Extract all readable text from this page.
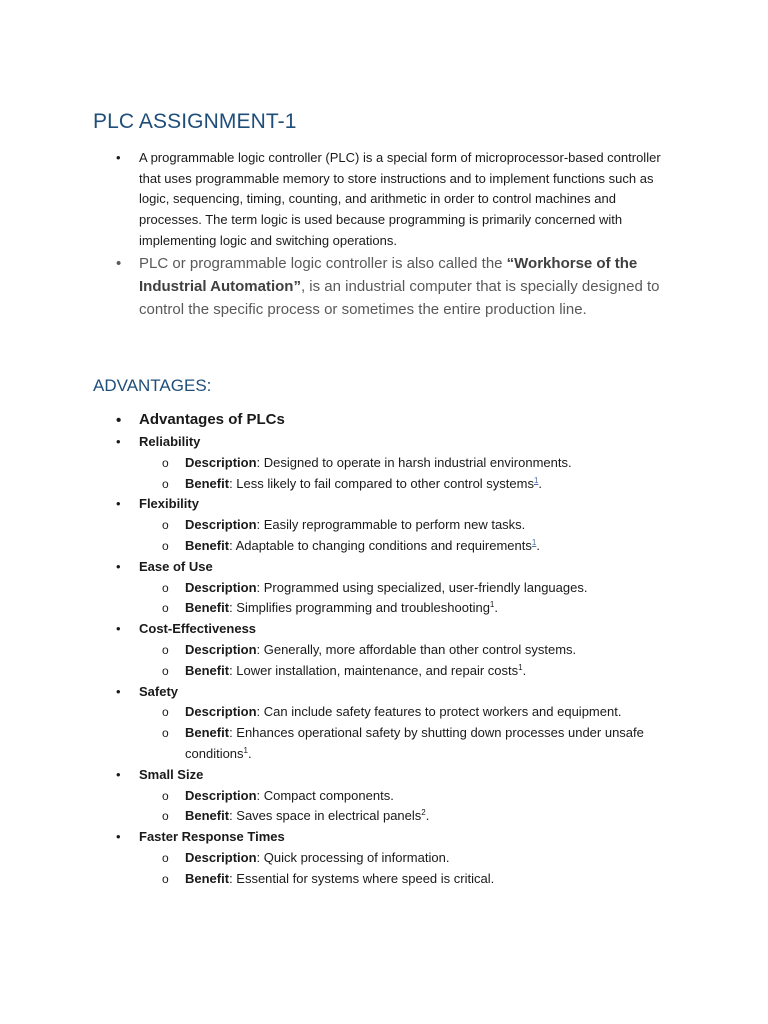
PLC ASSIGNMENT-1
• A programmable logic controller (PLC) is a special form of microprocessor-based controller that uses programmable memory to store instructions and to implement functions such as logic, sequencing, timing, counting, and arithmetic in order to control machines and processes. The term logic is used because programming is primarily concerned with implementing logic and switching operations.
• PLC or programmable logic controller is also called the “Workhorse of the Industrial Automation”, is an industrial computer that is specially designed to control the specific process or sometimes the entire production line.
ADVANTAGES:
• Advantages of PLCs
• Reliability
o Description: Designed to operate in harsh industrial environments.
o Benefit: Less likely to fail compared to other control systems$^1$.
• Flexibility
o Description: Easily reprogrammable to perform new tasks.
o Benefit: Adaptable to changing conditions and requirements$^1$.
• Ease of Use
o Description: Programmed using specialized, user-friendly languages.
o Benefit: Simplifies programming and troubleshooting$^1$.
• Cost-Effectiveness
o Description: Generally, more affordable than other control systems.
o Benefit: Lower installation, maintenance, and repair costs$^1$.
• Safety
o Description: Can include safety features to protect workers and equipment.
o Benefit: Enhances operational safety by shutting down processes under unsafe conditions$^1$.
• Small Size
o Description: Compact components.
o Benefit: Saves space in electrical panels$^2$.
• Faster Response Times
o Description: Quick processing of information.
o Benefit: Essential for systems where speed is critical.
